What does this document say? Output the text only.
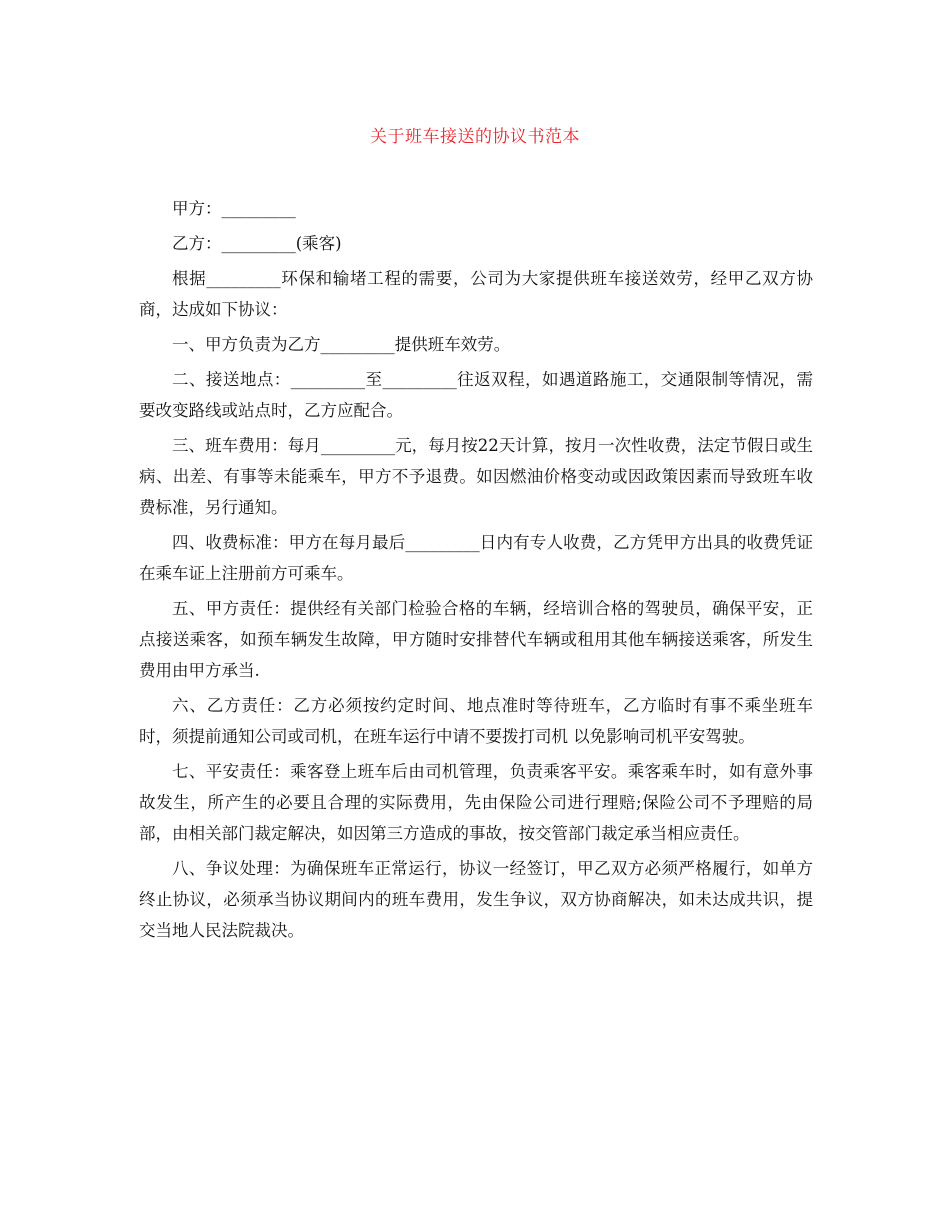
关于班车接送的协议书范本

甲方：_________

乙方：_________(乘客)

根据_________环保和输堵工程的需要，公司为大家提供班车接送效劳，经甲乙双方协商，达成如下协议：

一、甲方负责为乙方_________提供班车效劳。

二、接送地点：_________至_________往返双程，如遇道路施工，交通限制等情况，需要改变路线或站点时，乙方应配合。

三、班车费用：每月_________元，每月按22天计算，按月一次性收费，法定节假日或生病、出差、有事等未能乘车，甲方不予退费。如因燃油价格变动或因政策因素而导致班车收费标准，另行通知。

四、收费标准：甲方在每月最后_________日内有专人收费，乙方凭甲方出具的收费凭证在乘车证上注册前方可乘车。

五、甲方责任：提供经有关部门检验合格的车辆，经培训合格的驾驶员，确保平安，正点接送乘客，如预车辆发生故障，甲方随时安排替代车辆或租用其他车辆接送乘客，所发生费用由甲方承当.

六、乙方责任：乙方必须按约定时间、地点准时等待班车，乙方临时有事不乘坐班车时，须提前通知公司或司机，在班车运行中请不要拨打司机 以免影响司机平安驾驶。

七、平安责任：乘客登上班车后由司机管理，负责乘客平安。乘客乘车时，如有意外事故发生，所产生的必要且合理的实际费用，先由保险公司进行理赔;保险公司不予理赔的局部，由相关部门裁定解决，如因第三方造成的事故，按交管部门裁定承当相应责任。

八、争议处理：为确保班车正常运行，协议一经签订，甲乙双方必须严格履行，如单方终止协议，必须承当协议期间内的班车费用，发生争议，双方协商解决，如未达成共识，提交当地人民法院裁决。
